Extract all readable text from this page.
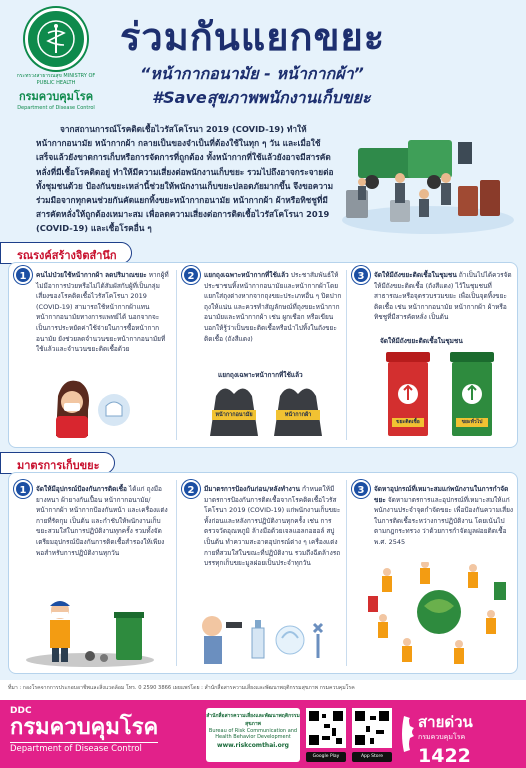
กระทรวงสาธารณสุข MINISTRY OF PUBLIC HEALTH
กรมควบคุมโรค
Department of Disease Control
ร่วมกันแยกขยะ
“หน้ากากอนามัย - หน้ากากผ้า”
#Saveสุขภาพพนักงานเก็บขยะ
จากสถานการณ์โรคติดเชื้อไวรัสโคโรนา 2019 (COVID-19) ทำให้หน้ากากอนามัย หน้ากากผ้า กลายเป็นของจำเป็นที่ต้องใช้ในทุก ๆ วัน และเมื่อใช้เสร็จแล้วยังขาดการเก็บหรือการจัดการที่ถูกต้อง ทั้งหน้ากากที่ใช้แล้วยังอาจมีสารคัดหลั่งที่มีเชื้อโรคติดอยู่ ทำให้มีความเสี่ยงต่อพนักงานเก็บขยะ รวมไปถึงอาจกระจายต่อทั้งชุมชนด้วย ป้องกันขยะเหล่านี้ช่วยให้พนักงานเก็บขยะปลอดภัยมากขึ้น จึงขอความร่วมมือจากทุกคนช่วยกันคัดแยกทิ้งขยะหน้ากากอนามัย หน้ากากผ้า ผ้าหรือทิชชูที่มีสารคัดหลั่งให้ถูกต้องเหมาะสม เพื่อลดความเสี่ยงต่อการติดเชื้อไวรัสโคโรนา 2019 (COVID-19) และเชื้อโรคอื่น ๆ
รณรงค์สร้างจิตสำนึก
1	คนไม่ป่วยใช้หน้ากากผ้า ลดปริมาณขยะ หากผู้ที่ไม่มีอาการป่วยหรือไม่ได้สัมผัสกับผู้ที่เป็นกลุ่มเสี่ยงของโรคติดเชื้อไวรัสโคโรนา 2019 (COVID-19) สามารถใช้หน้ากากผ้าแทนหน้ากากอนามัยทางการแพทย์ได้ นอกจากจะเป็นการประหยัดค่าใช้จ่ายในการซื้อหน้ากากอนามัย ยังช่วยลดจำนวนขยะหน้ากากอนามัยที่ใช้แล้วและจำนวนขยะติดเชื้อด้วย
2	แยกถุงเฉพาะหน้ากากที่ใช้แล้ว ประชาสัมพันธ์ให้ประชาชนทิ้งหน้ากากอนามัยและหน้ากากผ้าโดยแยกใส่ถุงต่างหากจากถุงขยะประเภทอื่น ๆ ปิดปากถุงให้แน่น และควรทำสัญลักษณ์ที่ถุงขยะหน้ากากอนามัยและหน้ากากผ้า เช่น ผูกเชือก หรือเขียนบอกให้รู้ว่าเป็นขยะติดเชื้อหรือนำไปทิ้งในถังขยะติดเชื้อ (ถังสีแดง)
แยกถุงเฉพาะหน้ากากที่ใช้แล้ว
หน้ากากอนามัย	หน้ากากผ้า
3	จัดให้มีถังขยะติดเชื้อในชุมชน ถ้าเป็นไปได้ควรจัดให้มีถังขยะติดเชื้อ (ถังสีแดง) ไว้ในชุมชนที่สาธารณะหรือจุดรวบรวมขยะ เพื่อเป็นจุดทิ้งขยะติดเชื้อ เช่น หน้ากากอนามัย หน้ากากผ้า ผ้าหรือทิชชูที่มีสารคัดหลั่ง เป็นต้น
จัดให้มีถังขยะติดเชื้อในชุมชน
ขยะติดเชื้อ	ขยะทั่วไป
มาตรการเก็บขยะ
1	จัดให้มีอุปกรณ์ป้องกันการติดเชื้อ ได้แก่ ถุงมือยางหนา ผ้ายางกันเปื้อน หน้ากากอนามัย/หน้ากากผ้า หน้ากากป้องกันหน้า และเครื่องแต่งกายที่รัดกุม เป็นต้น และกำชับให้พนักงานเก็บขยะสวมใส่ในการปฏิบัติงานทุกครั้ง รวมทั้งจัดเตรียมอุปกรณ์ป้องกันการติดเชื้อสำรองให้เพียงพอสำหรับการปฏิบัติงานทุกวัน
2	มีมาตรการป้องกันก่อน/หลังทำงาน กำหนดให้มีมาตรการป้องกันการติดเชื้อจากโรคติดเชื้อไวรัสโคโรนา 2019 (COVID-19) แก่พนักงานเก็บขยะทั้งก่อนและหลังการปฏิบัติงานทุกครั้ง เช่น การตรวจวัดอุณหภูมิ ล้างมือด้วยเจลแอลกอฮอล์ สบู่ เป็นต้น ทำความสะอาดอุปกรณ์ต่าง ๆ เครื่องแต่งกายที่สวมใส่ในขณะที่ปฏิบัติงาน รวมถึงฉีดล้างรถบรรทุกเก็บขยะมูลฝอยเป็นประจำทุกวัน
3	จัดหาอุปกรณ์ที่เหมาะสมแก่พนักงานในการกำจัดขยะ จัดหามาตรการและอุปกรณ์ที่เหมาะสมให้แก่พนักงานประจำจุดกำจัดขยะ เพื่อป้องกันความเสี่ยงในการติดเชื้อระหว่างการปฏิบัติงาน โดยเน้นไปตามกฎกระทรวง ว่าด้วยการกำจัดมูลฝอยติดเชื้อ พ.ศ. 2545
ที่มา : กองโรคจากการประกอบอาชีพและสิ่งแวดล้อม โทร. 0 2590 3866 เผยแพร่โดย : สำนักสื่อสารความเสี่ยงและพัฒนาพฤติกรรมสุขภาพ กรมควบคุมโรค
DDC
กรมควบคุมโรค
Department of Disease Control
สำนักสื่อสารความเสี่ยงและพัฒนาพฤติกรรมสุขภาพ
Bureau of Risk Communication and Health Behavior Development
www.riskcomthai.org
Google Play	App Store
สายด่วน
กรมควบคุมโรค
1422
